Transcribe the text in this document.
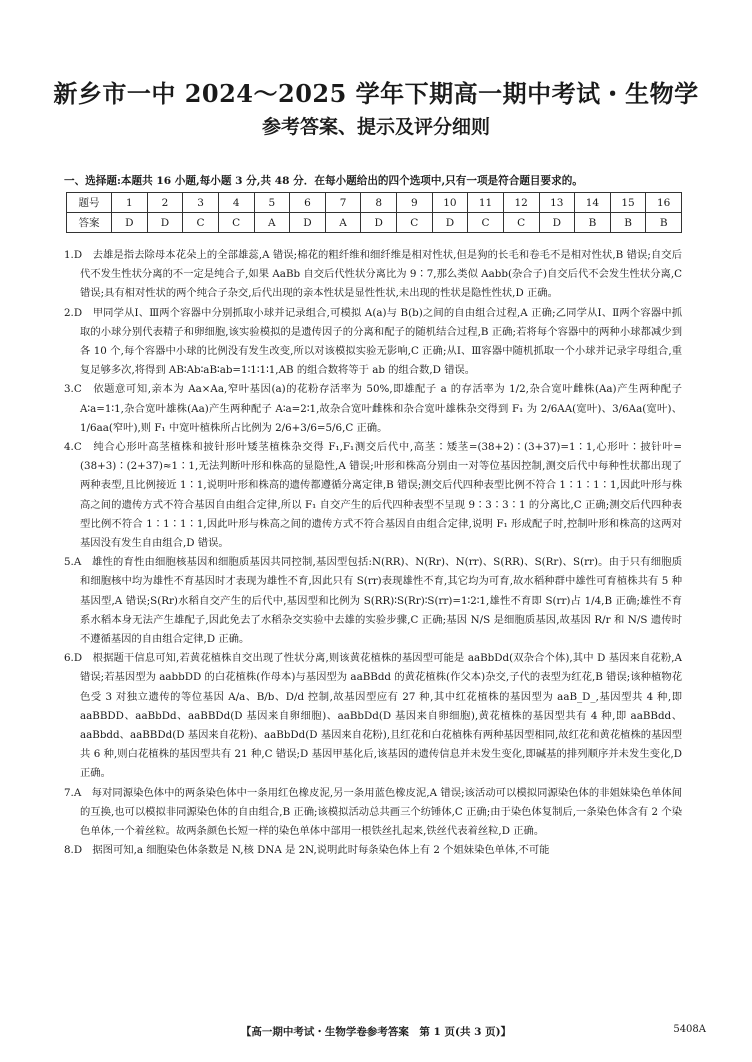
新乡市一中 2024～2025 学年下期高一期中考试・生物学
参考答案、提示及评分细则
一、选择题:本题共 16 小题,每小题 3 分,共 48 分．在每小题给出的四个选项中,只有一项是符合题目要求的。
题号	1	2	3	4	5	6	7	8	9	10	11	12	13	14	15	16
答案	D	D	C	C	A	D	A	D	C	D	C	C	D	B	B	B

1.D　去雄是指去除母本花朵上的全部雄蕊,A 错误;棉花的粗纤维和细纤维是相对性状,但是狗的长毛和卷毛不是相对性状,B 错误;自交后代不发生性状分离的不一定是纯合子,如果 AaBb 自交后代性状分离比为 9∶7,那么类似 Aabb(杂合子)自交后代不会发生性状分离,C 错误;具有相对性状的两个纯合子杂交,后代出现的亲本性状是显性性状,未出现的性状是隐性性状,D 正确。

2.D　甲同学从Ⅰ、Ⅲ两个容器中分别抓取小球并记录组合,可模拟 A(a)与 B(b)之间的自由组合过程,A 正确;乙同学从Ⅰ、Ⅱ两个容器中抓取的小球分别代表精子和卵细胞,该实验模拟的是遗传因子的分离和配子的随机结合过程,B 正确;若将每个容器中的两种小球都减少到各 10 个,每个容器中小球的比例没有发生改变,所以对该模拟实验无影响,C 正确;从Ⅰ、Ⅲ容器中随机抓取一个小球并记录字母组合,重复足够多次,将得到 AB∶Ab∶aB∶ab=1∶1∶1∶1,AB 的组合数将等于 ab 的组合数,D 错误。

3.C　依题意可知,亲本为 Aa×Aa,窄叶基因(a)的花粉存活率为 50%,即雄配子 a 的存活率为 1/2,杂合宽叶雌株(Aa)产生两种配子 A∶a=1∶1,杂合宽叶雄株(Aa)产生两种配子 A∶a=2∶1,故杂合宽叶雌株和杂合宽叶雄株杂交得到 F₁ 为 2/6AA(宽叶)、3/6Aa(宽叶)、1/6aa(窄叶),则 F₁ 中宽叶植株所占比例为 2/6+3/6=5/6,C 正确。

4.C　纯合心形叶高茎植株和披针形叶矮茎植株杂交得 F₁,F₁测交后代中,高茎∶矮茎=(38+2)∶(3+37)=1∶1,心形叶∶披针叶=(38+3)∶(2+37)≈1∶1,无法判断叶形和株高的显隐性,A 错误;叶形和株高分别由一对等位基因控制,测交后代中每种性状都出现了两种表型,且比例接近 1∶1,说明叶形和株高的遗传都遵循分离定律,B 错误;测交后代四种表型比例不符合 1∶1∶1∶1,因此叶形与株高之间的遗传方式不符合基因自由组合定律,所以 F₁ 自交产生的后代四种表型不呈现 9∶3∶3∶1 的分离比,C 正确;测交后代四种表型比例不符合 1∶1∶1∶1,因此叶形与株高之间的遗传方式不符合基因自由组合定律,说明 F₁ 形成配子时,控制叶形和株高的这两对基因没有发生自由组合,D 错误。

5.A　雄性的育性由细胞核基因和细胞质基因共同控制,基因型包括:N(RR)、N(Rr)、N(rr)、S(RR)、S(Rr)、S(rr)。由于只有细胞质和细胞核中均为雄性不育基因时才表现为雄性不育,因此只有 S(rr)表现雄性不育,其它均为可育,故水稻种群中雄性可育植株共有 5 种基因型,A 错误;S(Rr)水稻自交产生的后代中,基因型和比例为 S(RR)∶S(Rr)∶S(rr)=1∶2∶1,雄性不育即 S(rr)占 1/4,B 正确;雄性不育系水稻本身无法产生雄配子,因此免去了水稻杂交实验中去雄的实验步骤,C 正确;基因 N/S 是细胞质基因,故基因 R/r 和 N/S 遗传时不遵循基因的自由组合定律,D 正确。

6.D　根据题干信息可知,若黄花植株自交出现了性状分离,则该黄花植株的基因型可能是 aaBbDd(双杂合个体),其中 D 基因来自花粉,A 错误;若基因型为 aabbDD 的白花植株(作母本)与基因型为 aaBBdd 的黄花植株(作父本)杂交,子代的表型为红花,B 错误;该种植物花色受 3 对独立遗传的等位基因 A/a、B/b、D/d 控制,故基因型应有 27 种,其中红花植株的基因型为 aaB_D_,基因型共 4 种,即 aaBBDD、aaBbDd、aaBBDd(D 基因来自卵细胞)、aaBbDd(D 基因来自卵细胞),黄花植株的基因型共有 4 种,即 aaBBdd、aaBbdd、aaBBDd(D 基因来自花粉)、aaBbDd(D 基因来自花粉),且红花和白花植株有两种基因型相同,故红花和黄花植株的基因型共 6 种,则白花植株的基因型共有 21 种,C 错误;D 基因甲基化后,该基因的遗传信息并未发生变化,即碱基的排列顺序并未发生变化,D 正确。

7.A　每对同源染色体中的两条染色体中一条用红色橡皮泥,另一条用蓝色橡皮泥,A 错误;该活动可以模拟同源染色体的非姐妹染色单体间的互换,也可以模拟非同源染色体的自由组合,B 正确;该模拟活动总共画三个纺锤体,C 正确;由于染色体复制后,一条染色体含有 2 个染色单体,一个着丝粒。故两条颜色长短一样的染色单体中部用一根铁丝扎起来,铁丝代表着丝粒,D 正确。

8.D　据图可知,a 细胞染色体条数是 N,核 DNA 是 2N,说明此时每条染色体上有 2 个姐妹染色单体,不可能

【高一期中考试・生物学卷参考答案　第 1 页(共 3 页)】	5408A
